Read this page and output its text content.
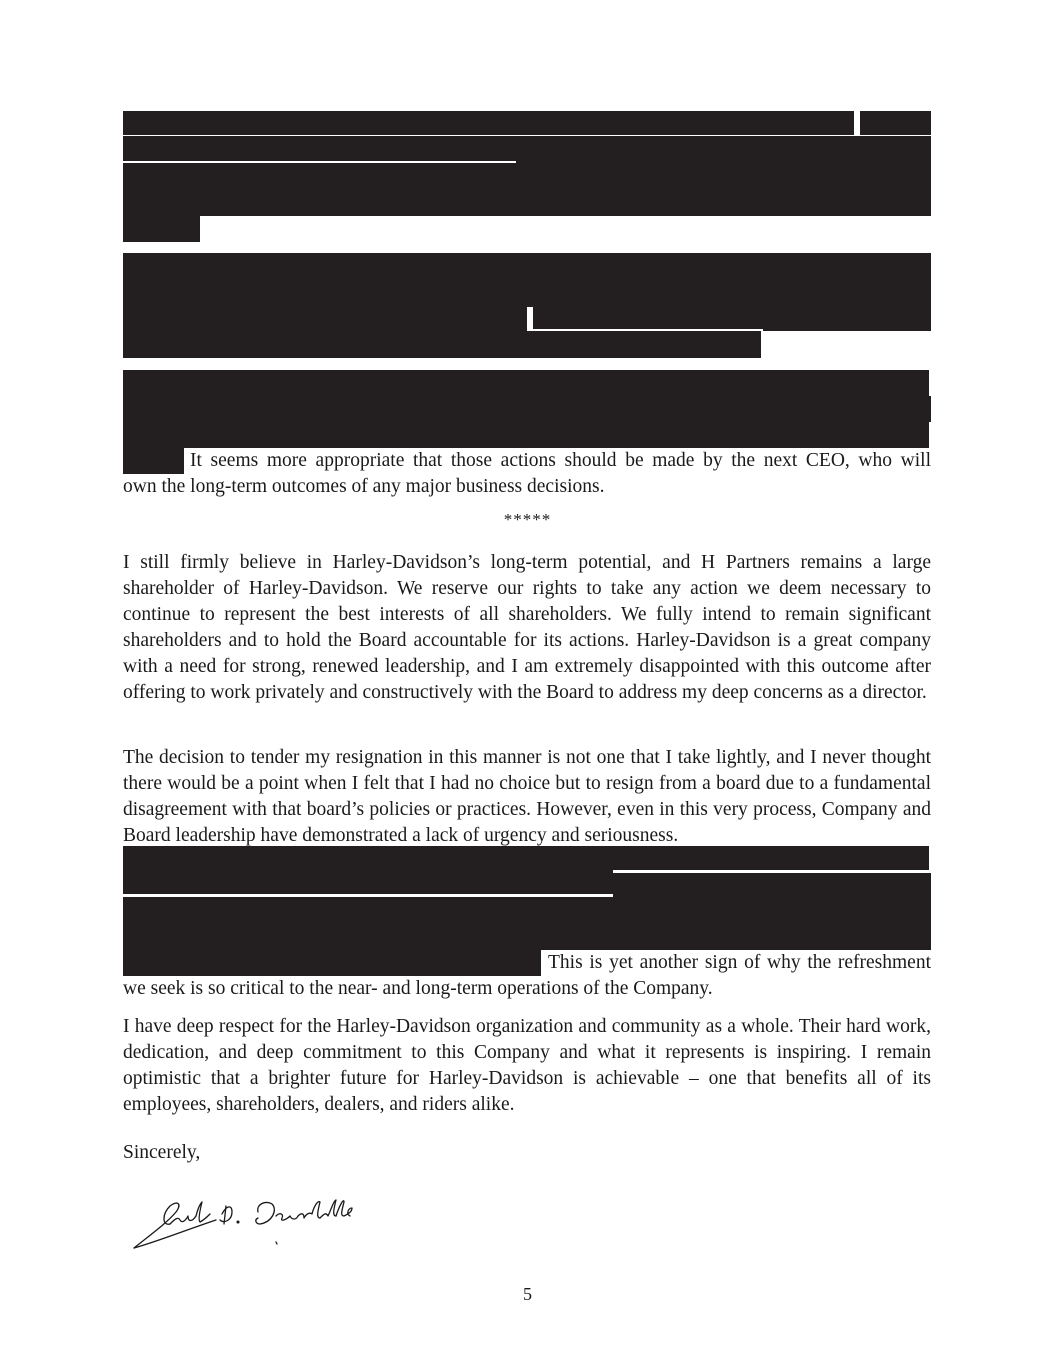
It seems more appropriate that those actions should be made by the next CEO, who will
own the long-term outcomes of any major business decisions.
*****

I still firmly believe in Harley-Davidson’s long-term potential, and H Partners remains a large shareholder of Harley-Davidson. We reserve our rights to take any action we deem necessary to continue to represent the best interests of all shareholders. We fully intend to remain significant shareholders and to hold the Board accountable for its actions. Harley-Davidson is a great company with a need for strong, renewed leadership, and I am extremely disappointed with this outcome after offering to work privately and constructively with the Board to address my deep concerns as a director.

The decision to tender my resignation in this manner is not one that I take lightly, and I never thought there would be a point when I felt that I had no choice but to resign from a board due to a fundamental disagreement with that board’s policies or practices. However, even in this very process, Company and Board leadership have demonstrated a lack of urgency and seriousness.

This is yet another sign of why the refreshment
we seek is so critical to the near- and long-term operations of the Company.

I have deep respect for the Harley-Davidson organization and community as a whole. Their hard work, dedication, and deep commitment to this Company and what it represents is inspiring. I remain optimistic that a brighter future for Harley-Davidson is achievable – one that benefits all of its employees, shareholders, dealers, and riders alike.

Sincerely,
5
